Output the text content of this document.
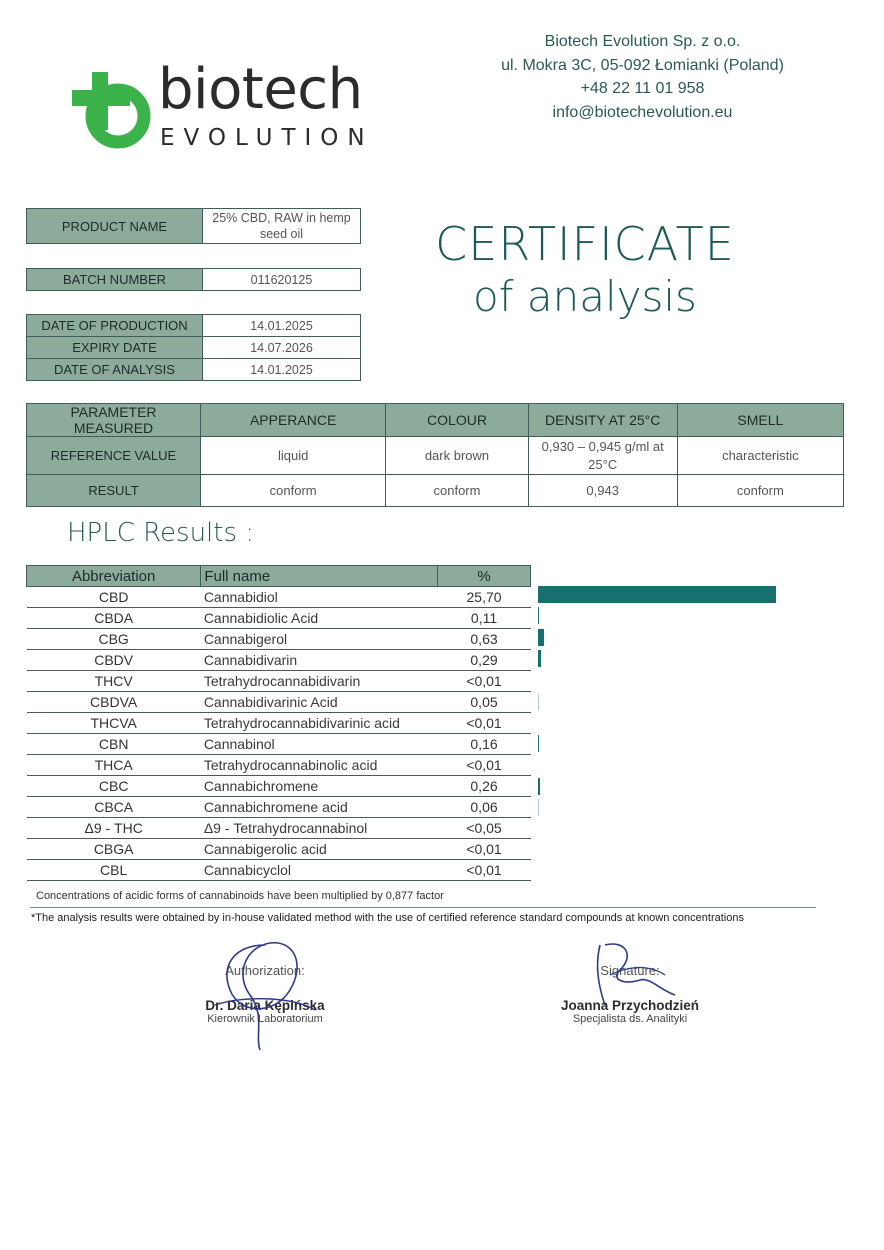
biotech
EVOLUTION
Biotech Evolution Sp. z o.o.
ul. Mokra 3C, 05-092 Łomianki (Poland)
+48 22 11 01 958
info@biotechevolution.eu
PRODUCT NAME	25% CBD, RAW in hemp seed oil
BATCH NUMBER	011620125
DATE OF PRODUCTION	14.01.2025
EXPIRY DATE	14.07.2026
DATE OF ANALYSIS	14.01.2025
CERTIFICATE
of analysis
PARAMETER MEASURED	APPERANCE	COLOUR	DENSITY AT 25°C	SMELL
REFERENCE VALUE	liquid	dark brown	0,930 – 0,945 g/ml at 25°C	characteristic
RESULT	conform	conform	0,943	conform
HPLC Results :
Abbreviation	Full name	%
CBD	Cannabidiol	25,70
CBDA	Cannabidiolic Acid	0,11
CBG	Cannabigerol	0,63
CBDV	Cannabidivarin	0,29
THCV	Tetrahydrocannabidivarin	<0,01
CBDVA	Cannabidivarinic Acid	0,05
THCVA	Tetrahydrocannabidivarinic acid	<0,01
CBN	Cannabinol	0,16
THCA	Tetrahydrocannabinolic acid	<0,01
CBC	Cannabichromene	0,26
CBCA	Cannabichromene acid	0,06
Δ9 - THC	Δ9 - Tetrahydrocannabinol	<0,05
CBGA	Cannabigerolic acid	<0,01
CBL	Cannabicyclol	<0,01
Concentrations of acidic forms of cannabinoids have been multiplied by 0,877 factor
*The analysis results were obtained by in-house validated method with the use of certified reference standard compounds at known concentrations
Authorization:
Dr. Daria Kępińska
Kierownik Laboratorium
Signature:
Joanna Przychodzień
Specjalista ds. Analityki
